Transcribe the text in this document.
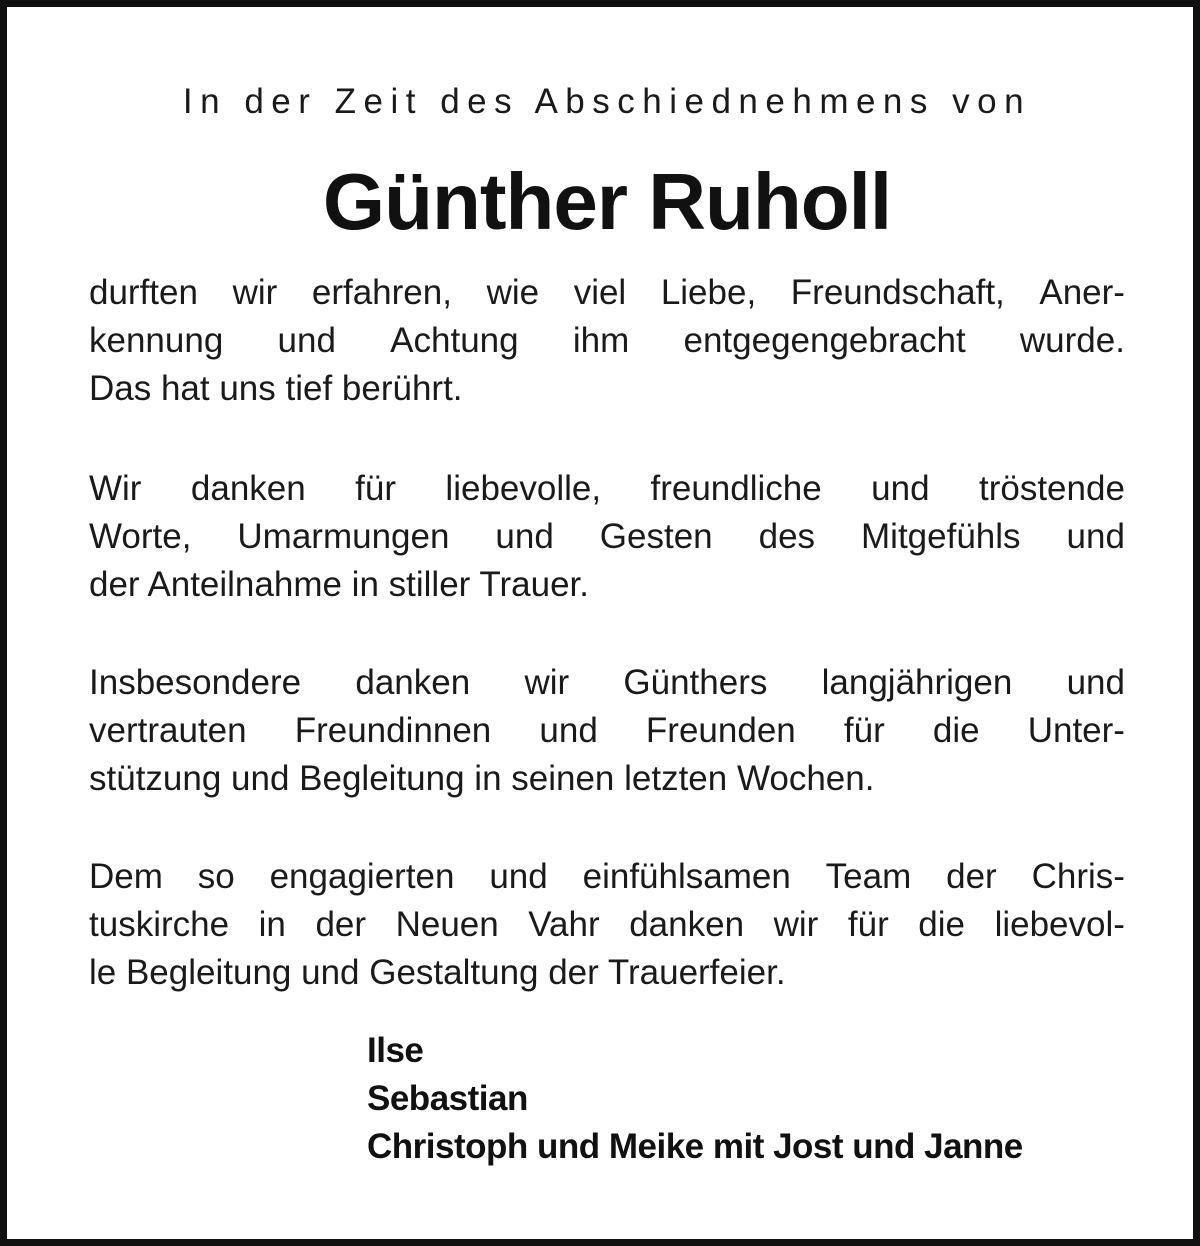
In der Zeit des Abschiednehmens von
Günther Ruholl
durften wir erfahren, wie viel Liebe, Freundschaft, Aner-
kennung und Achtung ihm entgegengebracht wurde.
Das hat uns tief berührt.
Wir danken für liebevolle, freundliche und tröstende
Worte, Umarmungen und Gesten des Mitgefühls und
der Anteilnahme in stiller Trauer.
Insbesondere danken wir Günthers langjährigen und
vertrauten Freundinnen und Freunden für die Unter-
stützung und Begleitung in seinen letzten Wochen.
Dem so engagierten und einfühlsamen Team der Chris-
tuskirche in der Neuen Vahr danken wir für die liebevol-
le Begleitung und Gestaltung der Trauerfeier.
Ilse
Sebastian
Christoph und Meike mit Jost und Janne
